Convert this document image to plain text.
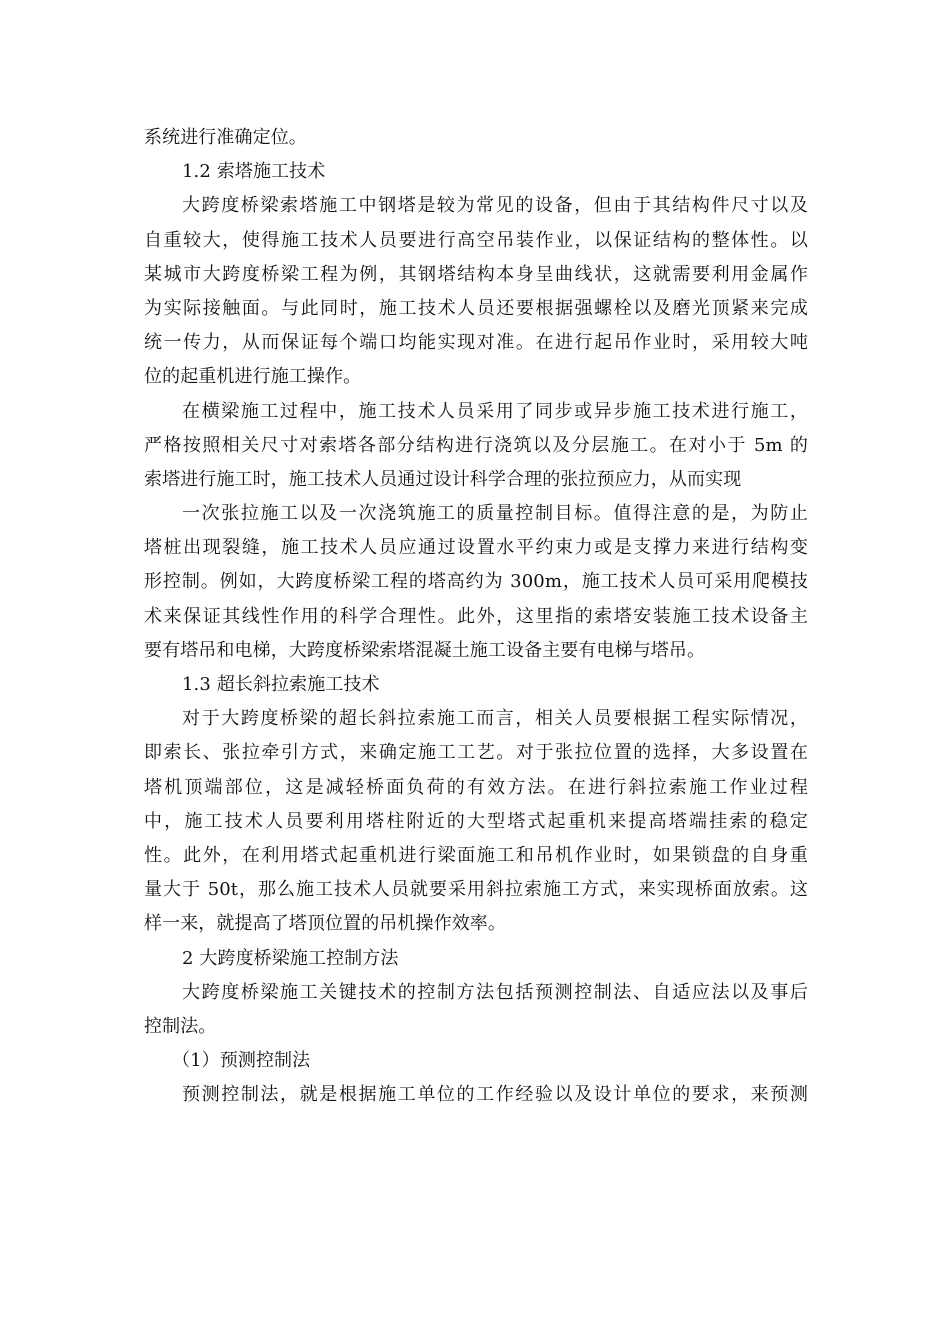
系统进行准确定位。
1.2 索塔施工技术
大跨度桥梁索塔施工中钢塔是较为常见的设备，但由于其结构件尺寸以及
自重较大，使得施工技术人员要进行高空吊装作业，以保证结构的整体性。以
某城市大跨度桥梁工程为例，其钢塔结构本身呈曲线状，这就需要利用金属作
为实际接触面。与此同时，施工技术人员还要根据强螺栓以及磨光顶紧来完成
统一传力，从而保证每个端口均能实现对准。在进行起吊作业时，采用较大吨
位的起重机进行施工操作。
在横梁施工过程中，施工技术人员采用了同步或异步施工技术进行施工，
严格按照相关尺寸对索塔各部分结构进行浇筑以及分层施工。在对小于 5m 的
索塔进行施工时，施工技术人员通过设计科学合理的张拉预应力，从而实现
一次张拉施工以及一次浇筑施工的质量控制目标。值得注意的是，为防止
塔桩出现裂缝，施工技术人员应通过设置水平约束力或是支撑力来进行结构变
形控制。例如，大跨度桥梁工程的塔高约为 300m，施工技术人员可采用爬模技
术来保证其线性作用的科学合理性。此外，这里指的索塔安装施工技术设备主
要有塔吊和电梯，大跨度桥梁索塔混凝土施工设备主要有电梯与塔吊。
1.3 超长斜拉索施工技术
对于大跨度桥梁的超长斜拉索施工而言，相关人员要根据工程实际情况，
即索长、张拉牵引方式，来确定施工工艺。对于张拉位置的选择，大多设置在
塔机顶端部位，这是减轻桥面负荷的有效方法。在进行斜拉索施工作业过程
中，施工技术人员要利用塔柱附近的大型塔式起重机来提高塔端挂索的稳定
性。此外，在利用塔式起重机进行梁面施工和吊机作业时，如果锁盘的自身重
量大于 50t，那么施工技术人员就要采用斜拉索施工方式，来实现桥面放索。这
样一来，就提高了塔顶位置的吊机操作效率。
2 大跨度桥梁施工控制方法
大跨度桥梁施工关键技术的控制方法包括预测控制法、自适应法以及事后
控制法。
（1）预测控制法
预测控制法，就是根据施工单位的工作经验以及设计单位的要求，来预测
